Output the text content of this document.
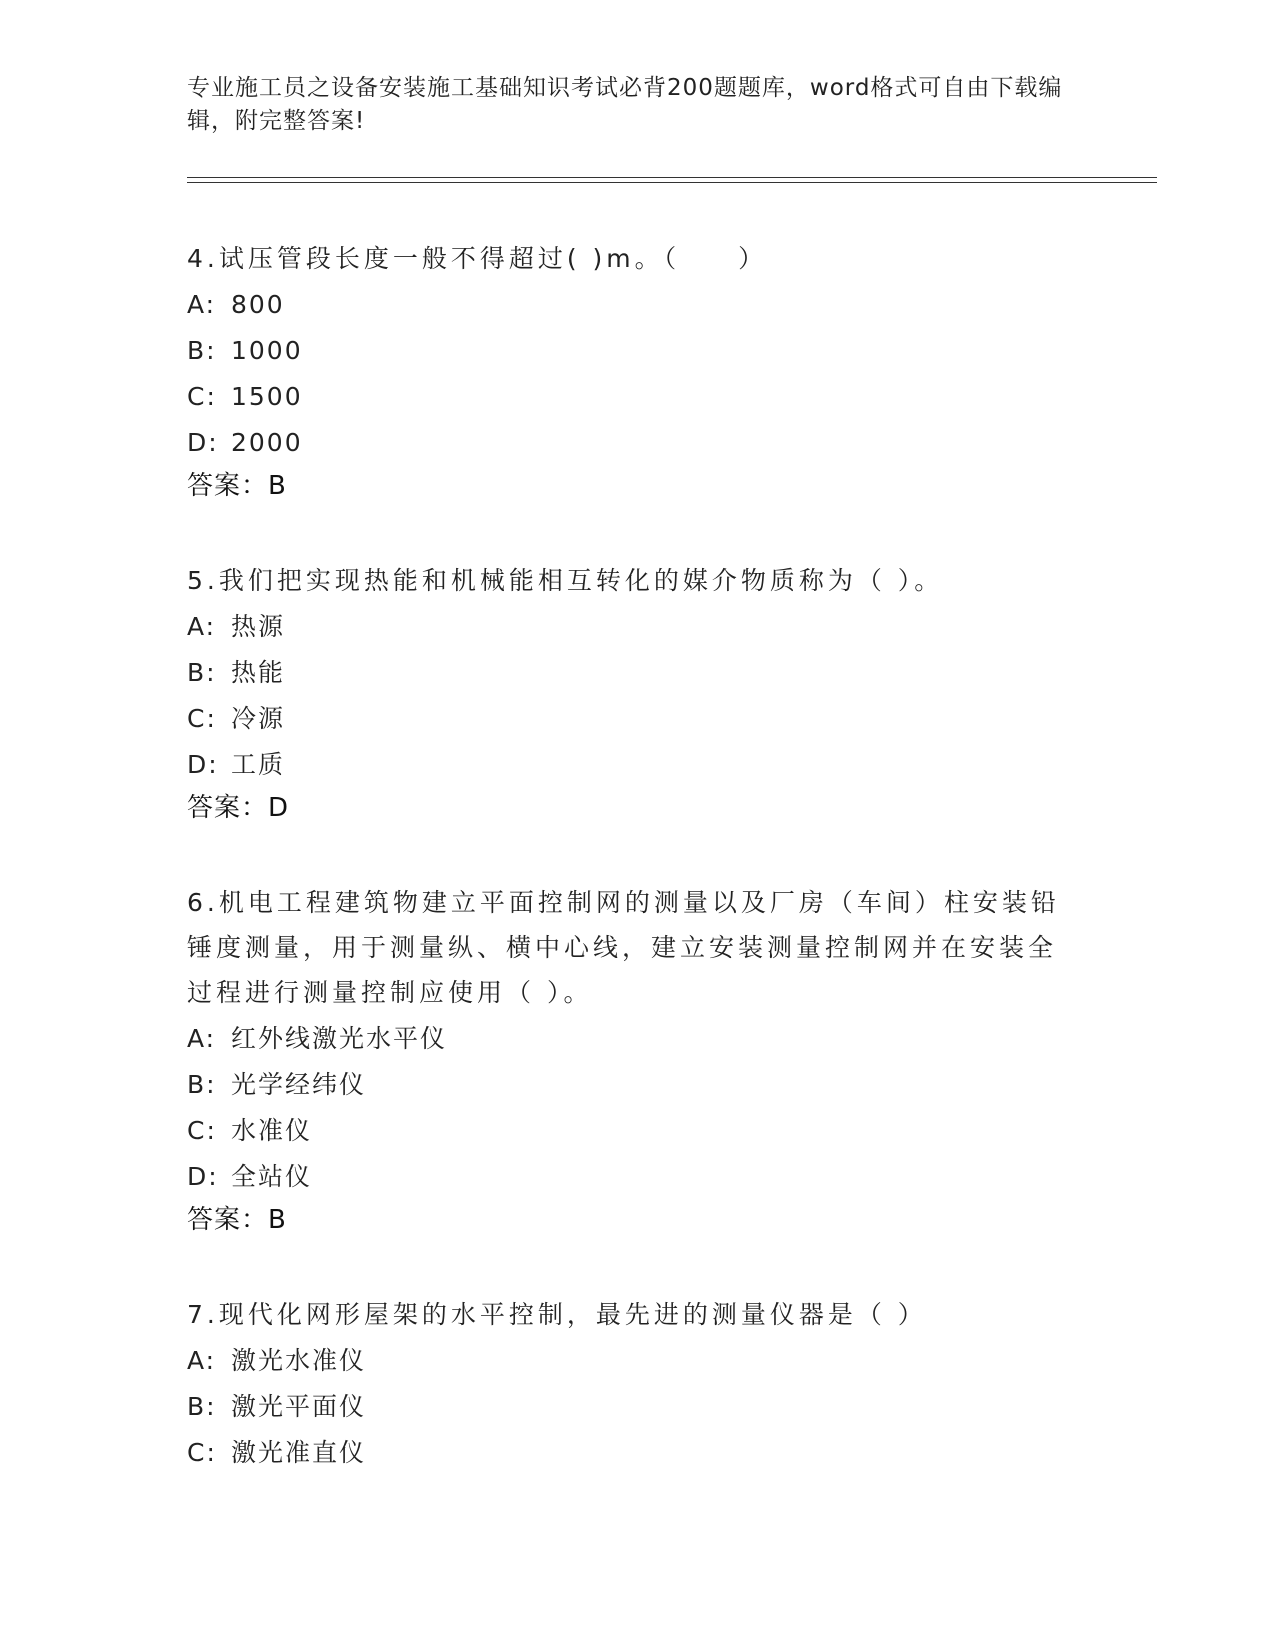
专业施工员之设备安装施工基础知识考试必背200题题库，word格式可自由下载编辑，附完整答案!
4.试压管段长度一般不得超过( )m。（　　）
A: 800
B: 1000
C: 1500
D: 2000
答案：B
5.我们把实现热能和机械能相互转化的媒介物质称为（ ）。
A: 热源
B: 热能
C: 冷源
D: 工质
答案：D
6.机电工程建筑物建立平面控制网的测量以及厂房（车间）柱安装铅锤度测量，用于测量纵、横中心线，建立安装测量控制网并在安装全过程进行测量控制应使用（ ）。
A: 红外线激光水平仪
B: 光学经纬仪
C: 水准仪
D: 全站仪
答案：B
7.现代化网形屋架的水平控制，最先进的测量仪器是（ ）
A: 激光水准仪
B: 激光平面仪
C: 激光准直仪
